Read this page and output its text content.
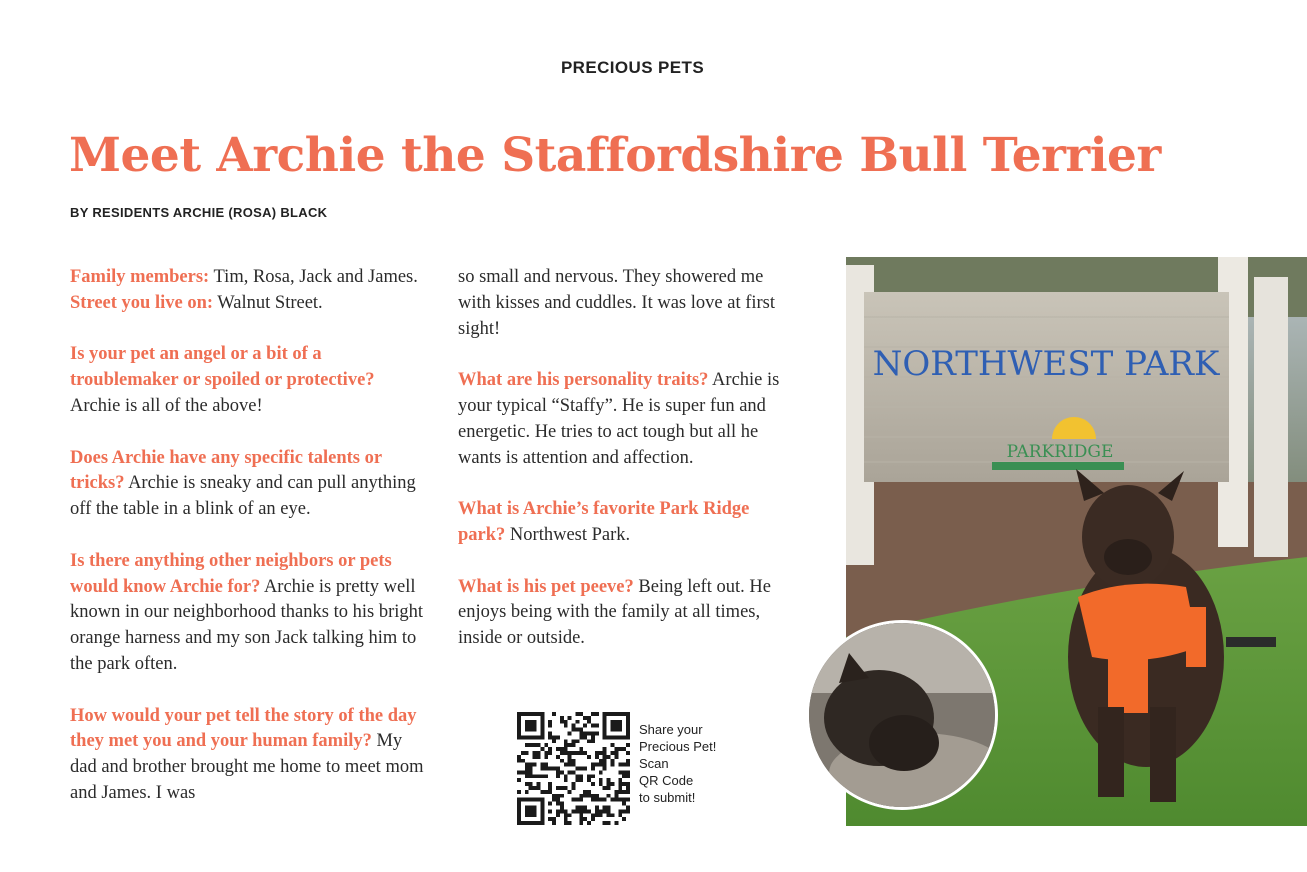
PRECIOUS PETS
Meet Archie the Staffordshire Bull Terrier
BY RESIDENTS ARCHIE (ROSA) BLACK

Family members: Tim, Rosa, Jack and James.
Street you live on: Walnut Street.

Is your pet an angel or a bit of a troublemaker or spoiled or protective? Archie is all of the above!

Does Archie have any specific talents or tricks? Archie is sneaky and can pull anything off the table in a blink of an eye.

Is there anything other neighbors or pets would know Archie for? Archie is pretty well known in our neighborhood thanks to his bright orange harness and my son Jack talking him to the park often.

How would your pet tell the story of the day they met you and your human family? My dad and brother brought me home to meet mom and James. I was

so small and nervous. They showered me with kisses and cuddles. It was love at first sight!

What are his personality traits? Archie is your typical “Staffy”. He is super fun and energetic. He tries to act tough but all he wants is attention and affection.

What is Archie’s favorite Park Ridge park? Northwest Park.

What is his pet peeve? Being left out. He enjoys being with the family at all times, inside or outside.

Share your
Precious Pet!
Scan
QR Code
to submit!
NORTHWEST PARK
PARKRIDGE
